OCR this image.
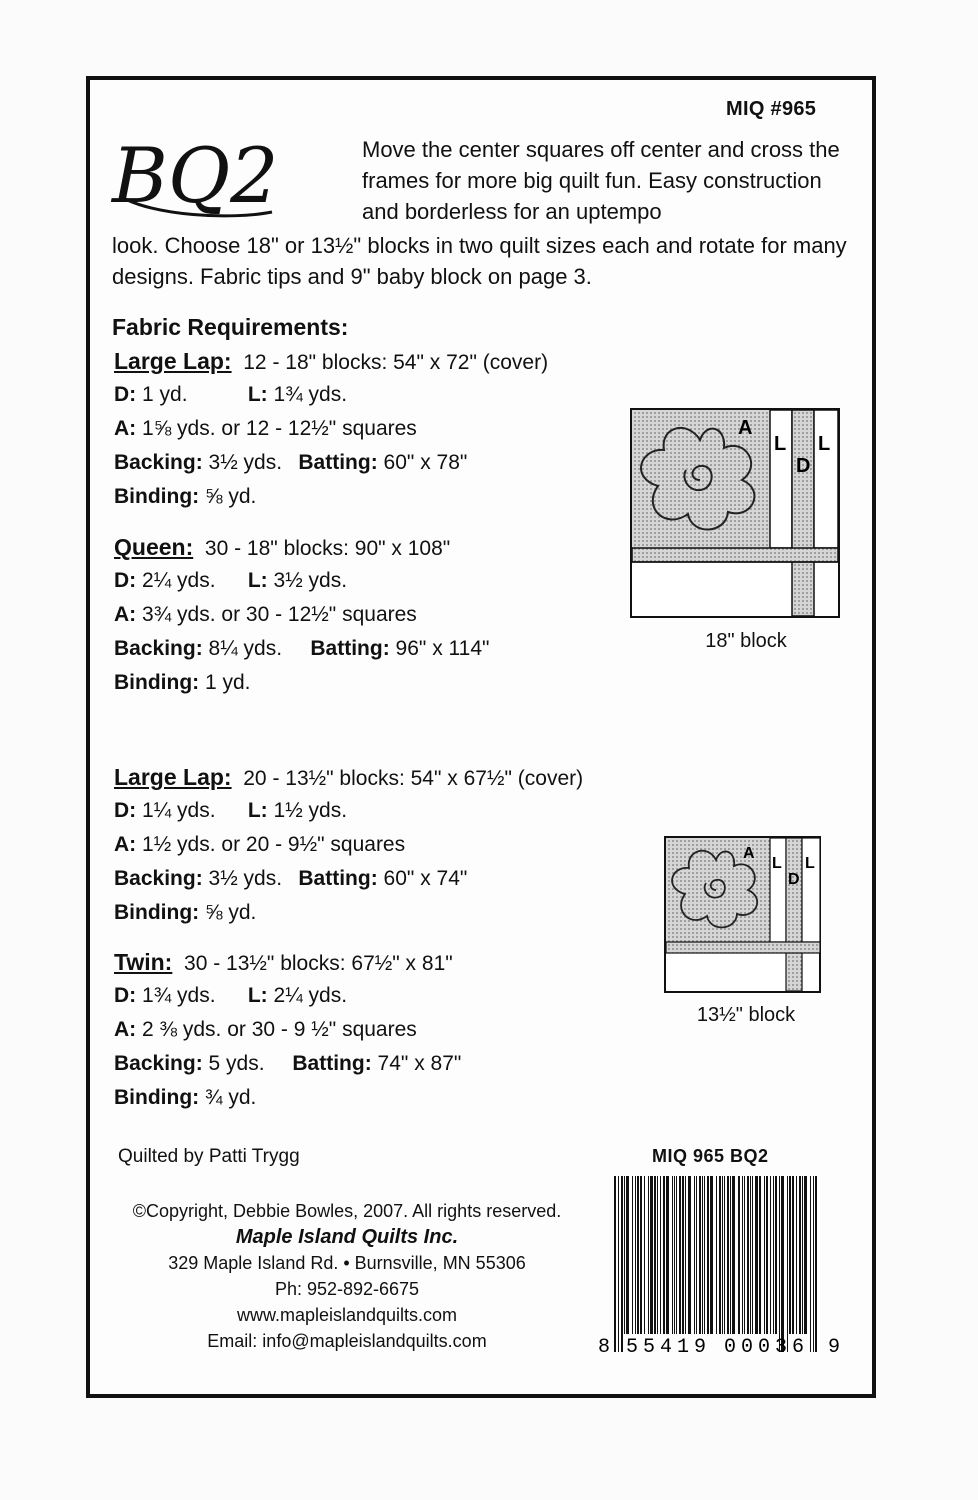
MIQ #965
BQ2	Move the center squares off center and cross the frames for more big quilt fun. Easy construction and borderless for an uptempo
look. Choose 18" or 13½" blocks in two quilt sizes each and rotate for many designs. Fabric tips and 9" baby block on page 3.
Fabric Requirements:
Large Lap: 12 - 18" blocks: 54" x 72" (cover)
D: 1 yd.	L: 1¾ yds.
A: 1⅝ yds. or 12 - 12½" squares
Backing: 3½ yds. Batting: 60" x 78"
Binding: ⅝ yd.
Queen: 30 - 18" blocks: 90" x 108"
D: 2¼ yds. L: 3½ yds.
A: 3¾ yds. or 30 - 12½" squares
Backing: 8¼ yds. Batting: 96" x 114"
Binding: 1 yd.
Large Lap: 20 - 13½" blocks: 54" x 67½" (cover)
D: 1¼ yds. L: 1½ yds.
A: 1½ yds. or 20 - 9½" squares
Backing: 3½ yds. Batting: 60" x 74"
Binding: ⅝ yd.
Twin: 30 - 13½" blocks: 67½" x 81"
D: 1¾ yds. L: 2¼ yds.
A: 2 ⅜ yds. or 30 - 9 ½" squares
Backing: 5 yds. Batting: 74" x 87"
Binding: ¾ yd.
A
L
D
L
18" block
A
L
D
L
13½" block
Quilted by Patti Trygg	MIQ 965 BQ2
©Copyright, Debbie Bowles, 2007. All rights reserved.
Maple Island Quilts Inc.
329 Maple Island Rd. • Burnsville, MN 55306
Ph: 952-892-6675
www.mapleislandquilts.com
Email: info@mapleislandquilts.com	8 55419 00036 9
